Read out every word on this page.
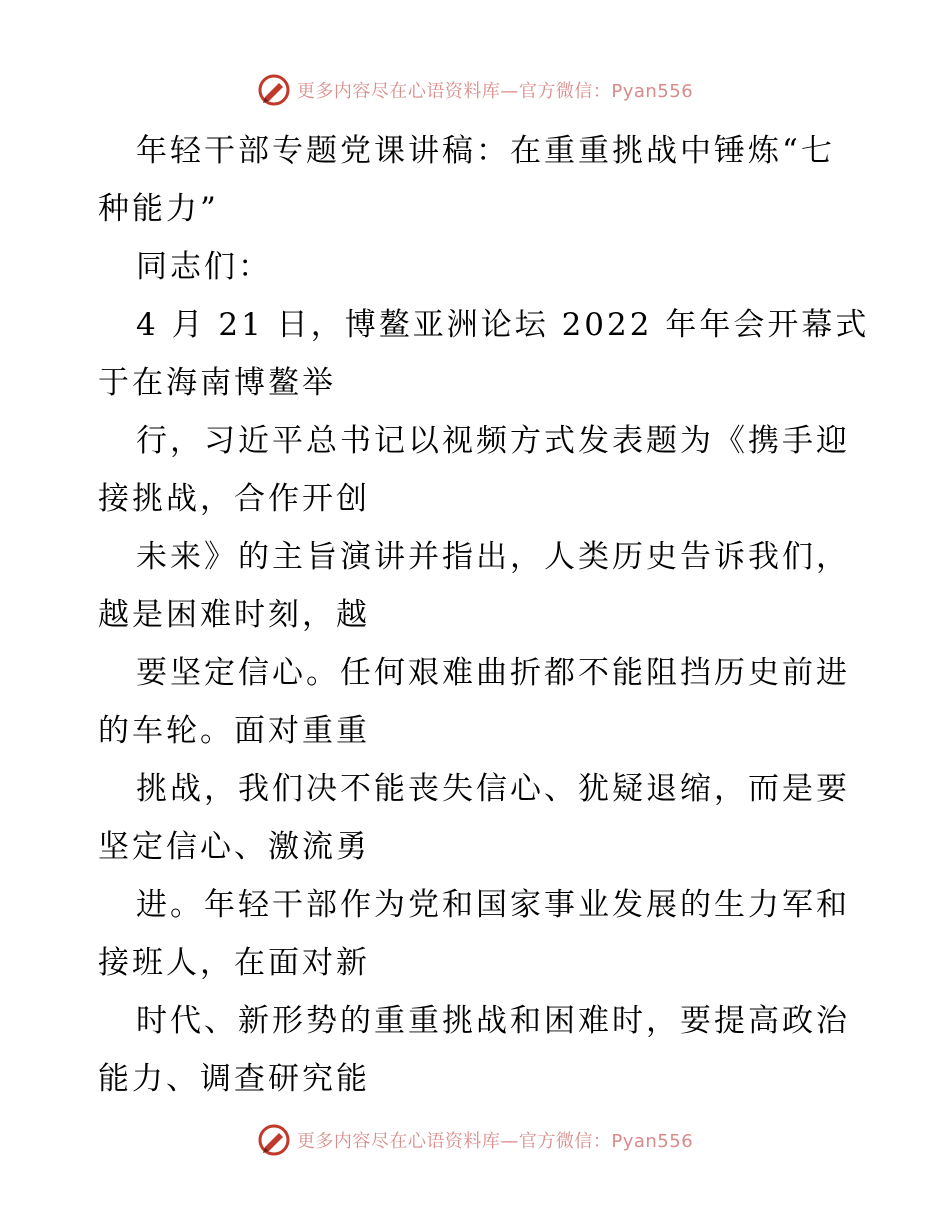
更多内容尽在心语资料库—官方微信：Pyan556
年轻干部专题党课讲稿：在重重挑战中锤炼“七
种能力”
同志们：
4 月 21 日，博鳌亚洲论坛 2022 年年会开幕式
于在海南博鳌举
行，习近平总书记以视频方式发表题为《携手迎
接挑战，合作开创
未来》的主旨演讲并指出，人类历史告诉我们，
越是困难时刻，越
要坚定信心。任何艰难曲折都不能阻挡历史前进
的车轮。面对重重
挑战，我们决不能丧失信心、犹疑退缩，而是要
坚定信心、激流勇
进。年轻干部作为党和国家事业发展的生力军和
接班人，在面对新
时代、新形势的重重挑战和困难时，要提高政治
能力、调查研究能
更多内容尽在心语资料库—官方微信：Pyan556
